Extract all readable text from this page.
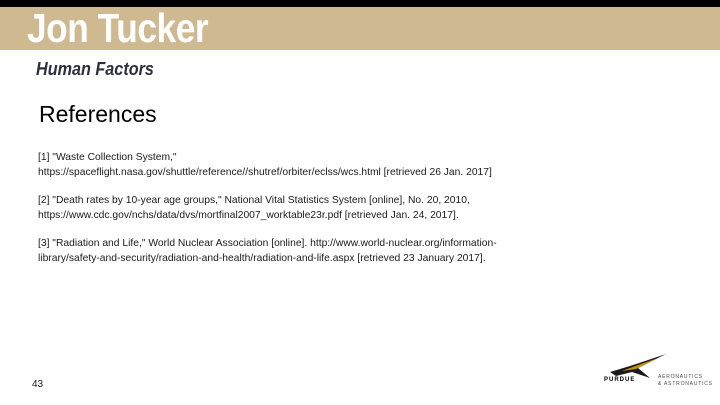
Jon Tucker
Human Factors
References
[1] "Waste Collection System," https://spaceflight.nasa.gov/shuttle/reference//shutref/orbiter/eclss/wcs.html [retrieved 26 Jan. 2017]
[2] "Death rates by 10-year age groups," National Vital Statistics System [online], No. 20, 2010, https://www.cdc.gov/nchs/data/dvs/mortfinal2007_worktable23r.pdf [retrieved Jan. 24, 2017].
[3] "Radiation and Life," World Nuclear Association [online]. http://www.world-nuclear.org/information-library/safety-and-security/radiation-and-health/radiation-and-life.aspx [retrieved 23 January 2017].
43	PURDUE	AERONAUTICS
& ASTRONAUTICS
